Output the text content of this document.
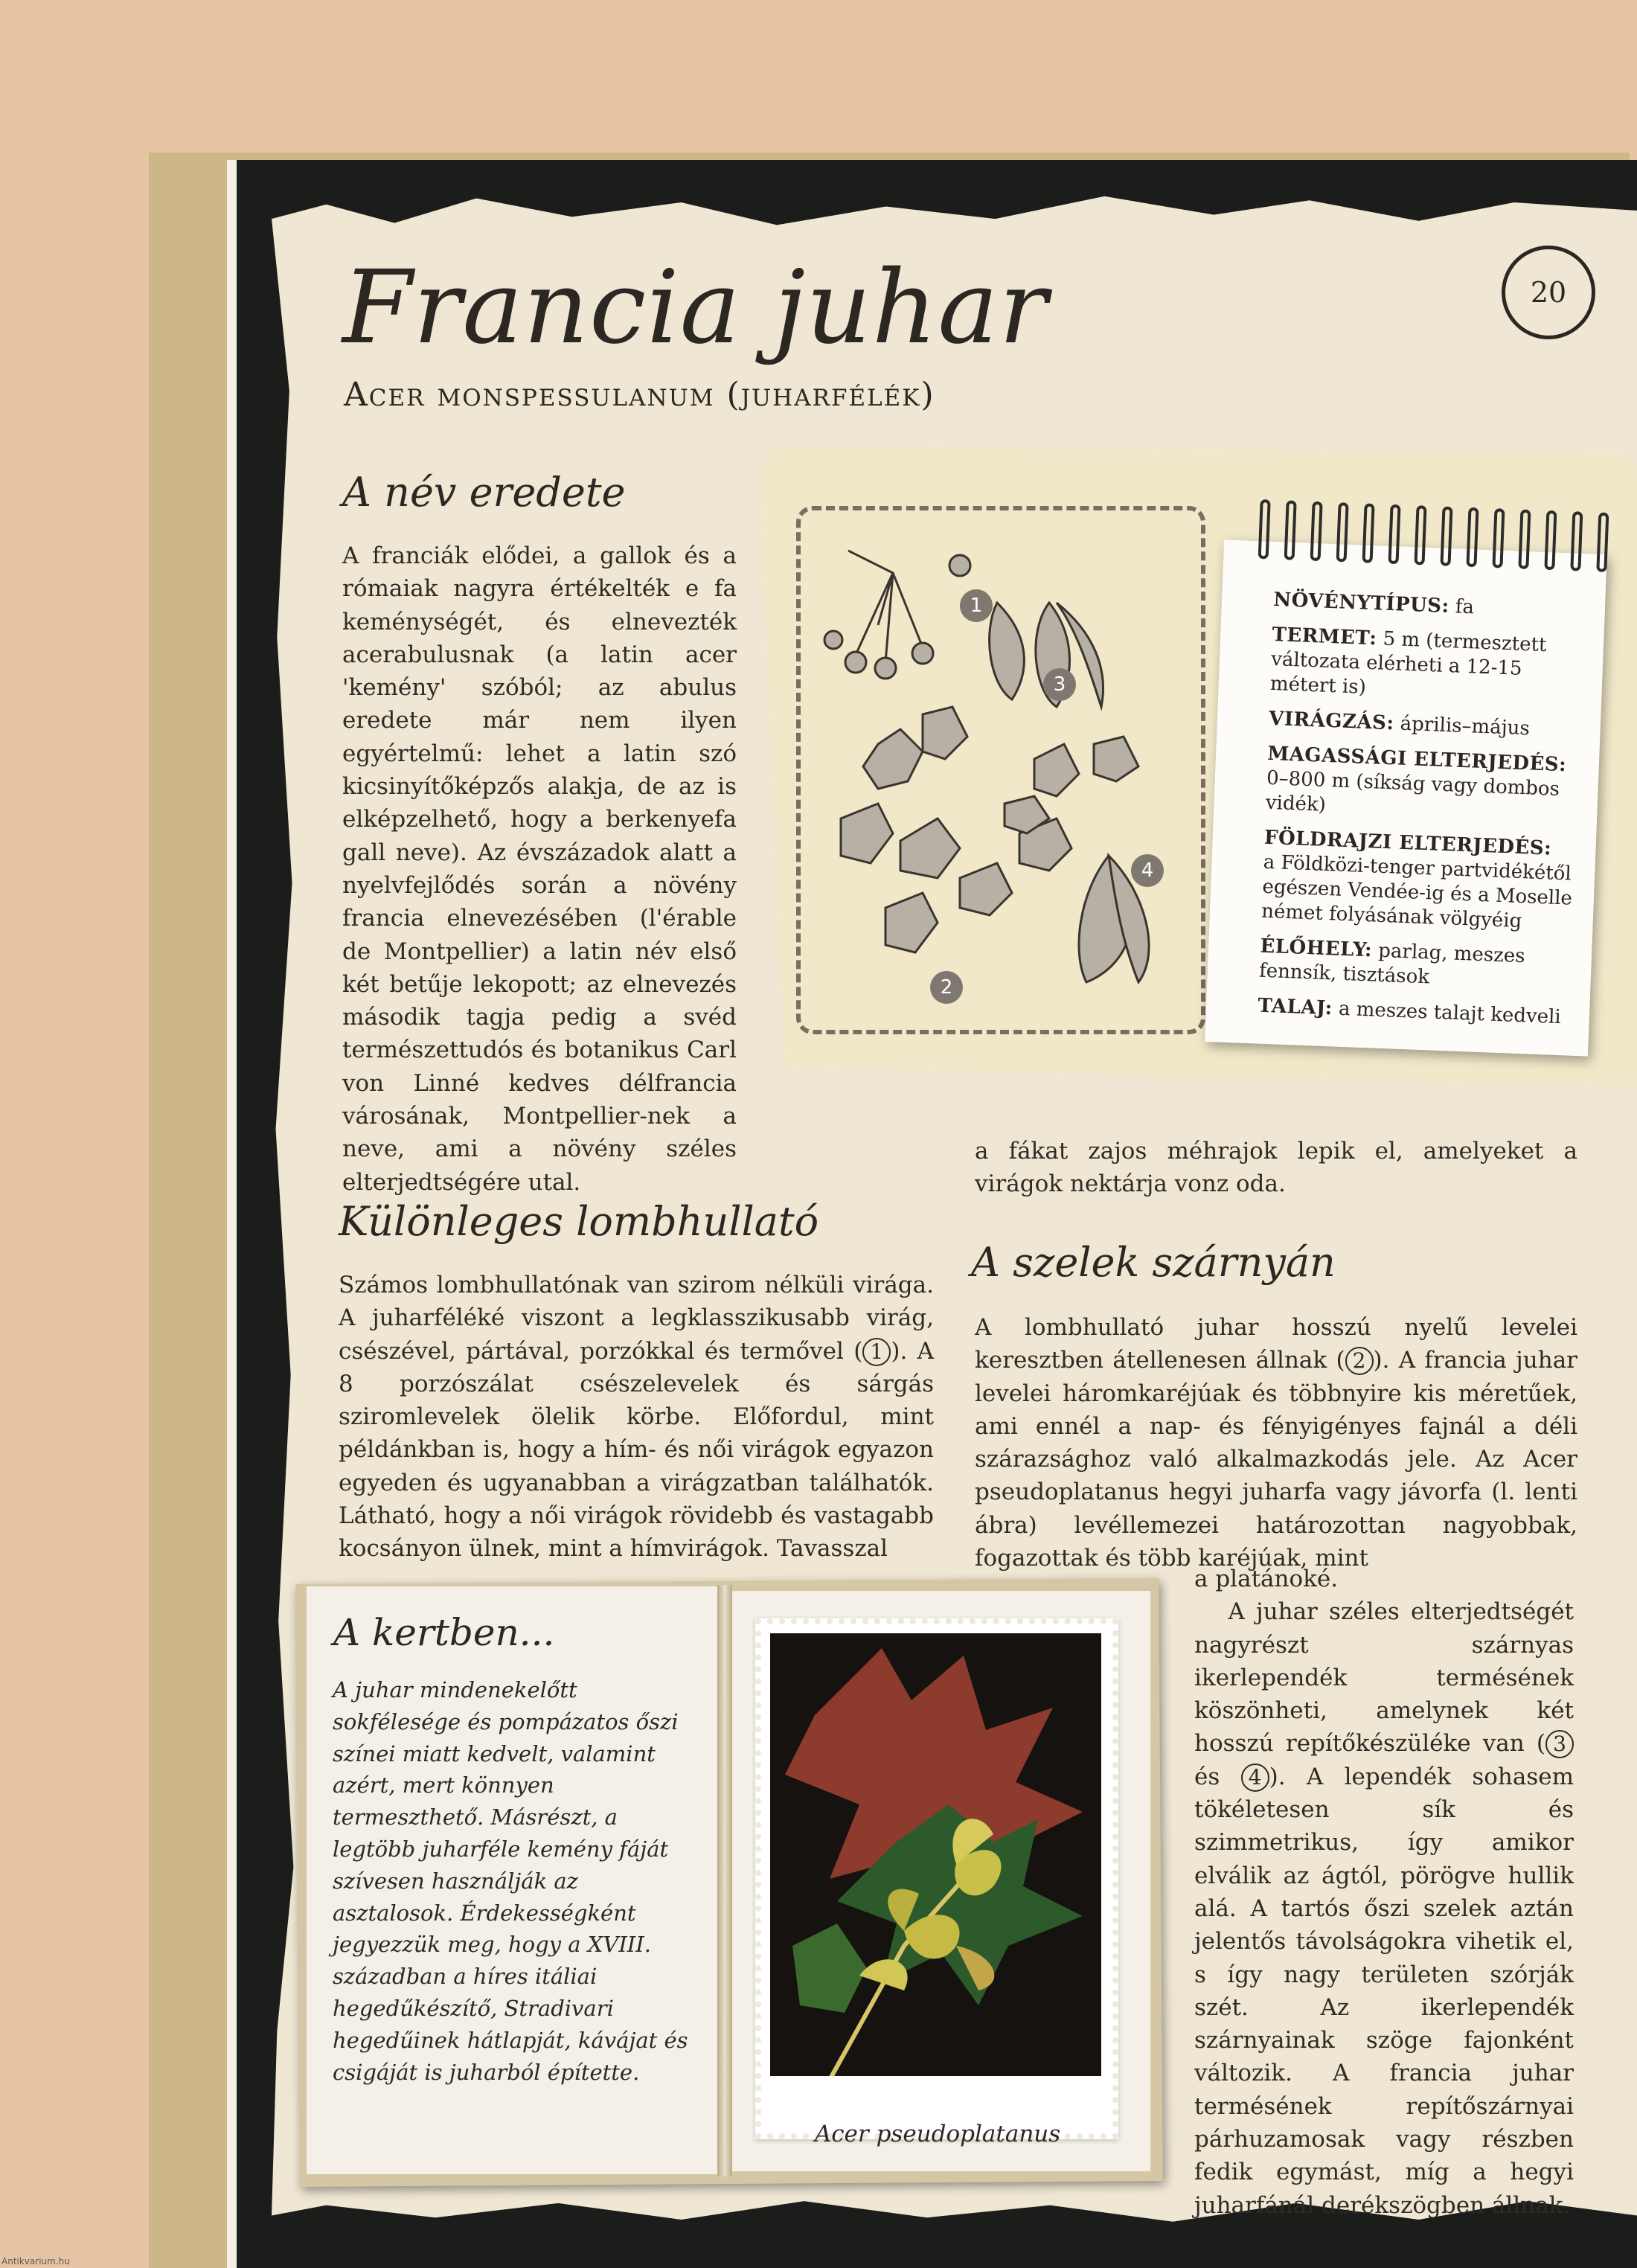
Francia juhar
Acer monspessulanum (juharfélék)
20
A név eredete
A franciák elődei, a gallok és a rómaiak nagyra értékelték e fa keménységét, és elnevezték acerabulusnak (a latin acer 'kemény' szóból; az abulus eredete már nem ilyen egyértelmű: lehet a latin szó kicsinyítőképzős alakja, de az is elképzelhető, hogy a berkenyefa gall neve). Az évszázadok alatt a nyelvfejlődés során a növény francia elnevezésében (l'érable de Montpellier) a latin név első két betűje lekopott; az elnevezés második tagja pedig a svéd természettudós és botanikus Carl von Linné kedves délfrancia városának, Montpellier-nek a neve, ami a növény széles elterjedtségére utal.
1
2
3
4
NÖVÉNYTÍPUS: fa
TERMET: 5 m (termesztett változata elérheti a 12-15 métert is)
VIRÁGZÁS: április–május
MAGASSÁGI ELTERJEDÉS:
0–800 m (síkság vagy dombos vidék)
FÖLDRAJZI ELTERJEDÉS:
a Földközi-tenger partvidékétől egészen Vendée-ig és a Moselle német folyásának völgyéig
ÉLŐHELY: parlag, meszes fennsík, tisztások
TALAJ: a meszes talajt kedveli
a fákat zajos méhrajok lepik el, amelyeket a virágok nektárja vonz oda.
Különleges lombhullató
Számos lombhullatónak van szirom nélküli virága. A juharféléké viszont a legklasszikusabb virág, csészével, pártával, porzókkal és termővel ( 1 ). A 8 porzószálat csészelevelek és sárgás sziromlevelek ölelik körbe. Előfordul, mint példánkban is, hogy a hím- és női virágok egyazon egyeden és ugyanabban a virágzatban találhatók. Látható, hogy a női virágok rövidebb és vastagabb kocsányon ülnek, mint a hímvirágok. Tavasszal
A szelek szárnyán
A lombhullató juhar hosszú nyelű levelei keresztben átellenesen állnak ( 2 ). A francia juhar levelei háromkaréjúak és többnyire kis méretűek, ami ennél a nap- és fényigényes fajnál a déli szárazsághoz való alkalmazkodás jele. Az Acer pseudoplatanus hegyi juharfa vagy jávorfa (l. lenti ábra) levéllemezei határozottan nagyobbak, fogazottak és több karéjúak, mint
a platánoké.
A juhar széles elterjedtségét nagyrészt szárnyas ikerlependék termésének köszönheti, amelynek két hosszú repítőkészüléke van ( 3 és 4 ). A lependék sohasem tökéletesen sík és szimmetrikus, így amikor elválik az ágtól, pörögve hullik alá. A tartós őszi szelek aztán jelentős távolságokra vihetik el, s így nagy területen szórják szét. Az ikerlependék szárnyainak szöge fajonként változik. A francia juhar termésének repítőszárnyai párhuzamosak vagy részben fedik egymást, míg a hegyi juharfánál derékszögben állnak.
A kertben...
A juhar mindenekelőtt sokfélesége és pompázatos őszi színei miatt kedvelt, valamint azért, mert könnyen termeszthető. Másrészt, a legtöbb juharféle kemény fáját szívesen használják az asztalosok. Érdekességként jegyezzük meg, hogy a XVIII. században a híres itáliai hegedűkészítő, Stradivari hegedűinek hátlapját, kávájat és csigáját is juharból építette.
Acer pseudoplatanus
Antikvarium.hu
